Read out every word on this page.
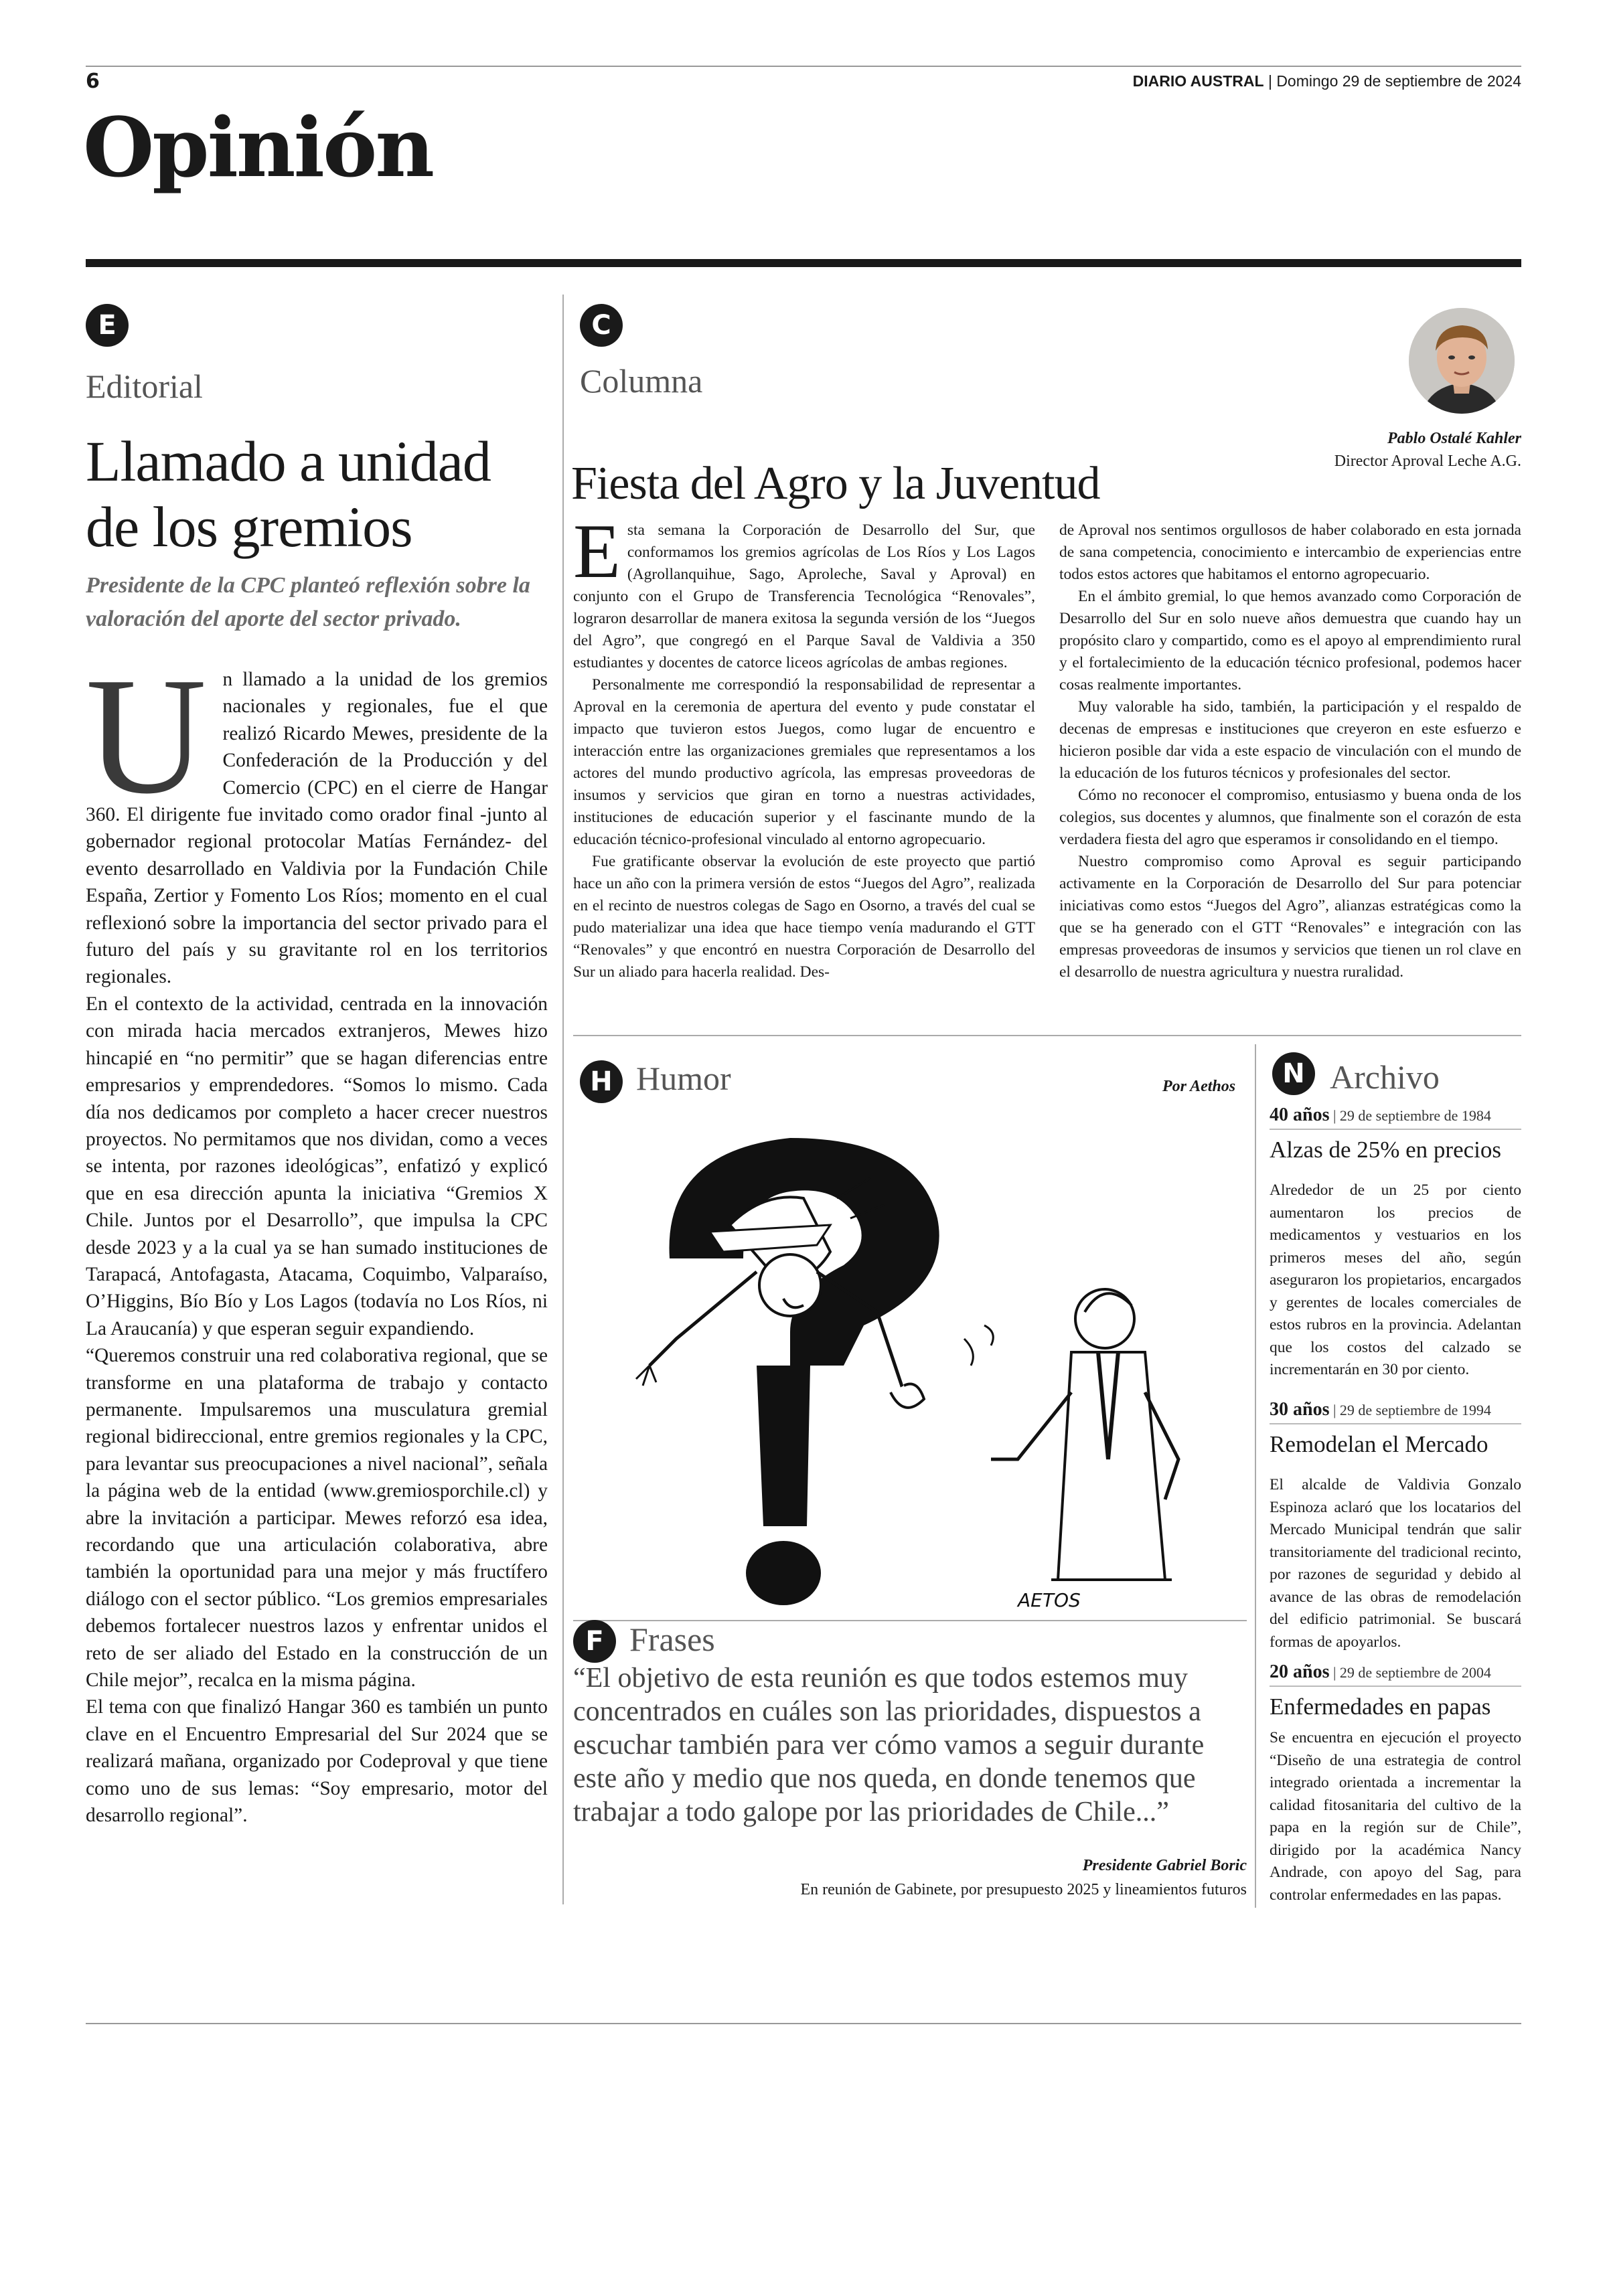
6	DIARIO AUSTRAL | Domingo 29 de septiembre de 2024
Opinión
E
Editorial
Llamado a unidad
de los gremios
Presidente de la CPC planteó reflexión sobre la valoración del aporte del sector privado.
U n llamado a la unidad de los gremios nacionales y regionales, fue el que realizó Ricardo Mewes, presidente de la Confederación de la Producción y del Comercio (CPC) en el cierre de Hangar 360. El dirigente fue invitado como orador final -junto al gobernador regional protocolar Matías Fernández- del evento desarrollado en Valdivia por la Fundación Chile España, Zertior y Fomento Los Ríos; momento en el cual reflexionó sobre la importancia del sector privado para el futuro del país y su gravitante rol en los territorios regionales.

En el contexto de la actividad, centrada en la innovación con mirada hacia mercados extranjeros, Mewes hizo hincapié en “no permitir” que se hagan diferencias entre empresarios y emprendedores. “Somos lo mismo. Cada día nos dedicamos por completo a hacer crecer nuestros proyectos. No permitamos que nos dividan, como a veces se intenta, por razones ideológicas”, enfatizó y explicó que en esa dirección apunta la iniciativa “Gremios X Chile. Juntos por el Desarrollo”, que impulsa la CPC desde 2023 y a la cual ya se han sumado instituciones de Tarapacá, Antofagasta, Atacama, Coquimbo, Valparaíso, O’Higgins, Bío Bío y Los Lagos (todavía no Los Ríos, ni La Araucanía) y que esperan seguir expandiendo.

“Queremos construir una red colaborativa regional, que se transforme en una plataforma de trabajo y contacto permanente. Impulsaremos una musculatura gremial regional bidireccional, entre gremios regionales y la CPC, para levantar sus preocupaciones a nivel nacional”, señala la página web de la entidad (www.gremiosporchile.cl) y abre la invitación a participar. Mewes reforzó esa idea, recordando que una articulación colaborativa, abre también la oportunidad para una mejor y más fructífero diálogo con el sector público. “Los gremios empresariales debemos fortalecer nuestros lazos y enfrentar unidos el reto de ser aliado del Estado en la construcción de un Chile mejor”, recalca en la misma página.

El tema con que finalizó Hangar 360 es también un punto clave en el Encuentro Empresarial del Sur 2024 que se realizará mañana, organizado por Codeproval y que tiene como uno de sus lemas: “Soy empresario, motor del desarrollo regional”.

C
Columna
Pablo Ostalé Kahler
Director Aproval Leche A.G.
Fiesta del Agro y la Juventud
E sta semana la Corporación de Desarrollo del Sur, que conformamos los gremios agrícolas de Los Ríos y Los Lagos (Agrollanquihue, Sago, Aproleche, Saval y Aproval) en conjunto con el Grupo de Transferencia Tecnológica “Renovales”, lograron desarrollar de manera exitosa la segunda versión de los “Juegos del Agro”, que congregó en el Parque Saval de Valdivia a 350 estudiantes y docentes de catorce liceos agrícolas de ambas regiones.

Personalmente me correspondió la responsabilidad de representar a Aproval en la ceremonia de apertura del evento y pude constatar el impacto que tuvieron estos Juegos, como lugar de encuentro e interacción entre las organizaciones gremiales que representamos a los actores del mundo productivo agrícola, las empresas proveedoras de insumos y servicios que giran en torno a nuestras actividades, instituciones de educación superior y el fascinante mundo de la educación técnico-profesional vinculado al entorno agropecuario.

Fue gratificante observar la evolución de este proyecto que partió hace un año con la primera versión de estos “Juegos del Agro”, realizada en el recinto de nuestros colegas de Sago en Osorno, a través del cual se pudo materializar una idea que hace tiempo venía madurando el GTT “Renovales” y que encontró en nuestra Corporación de Desarrollo del Sur un aliado para hacerla realidad. Des-

de Aproval nos sentimos orgullosos de haber colaborado en esta jornada de sana competencia, conocimiento e intercambio de experiencias entre todos estos actores que habitamos el entorno agropecuario.

En el ámbito gremial, lo que hemos avanzado como Corporación de Desarrollo del Sur en solo nueve años demuestra que cuando hay un propósito claro y compartido, como es el apoyo al emprendimiento rural y el fortalecimiento de la educación técnico profesional, podemos hacer cosas realmente importantes.

Muy valorable ha sido, también, la participación y el respaldo de decenas de empresas e instituciones que creyeron en este esfuerzo e hicieron posible dar vida a este espacio de vinculación con el mundo de la educación de los futuros técnicos y profesionales del sector.

Cómo no reconocer el compromiso, entusiasmo y buena onda de los colegios, sus docentes y alumnos, que finalmente son el corazón de esta verdadera fiesta del agro que esperamos ir consolidando en el tiempo.

Nuestro compromiso como Aproval es seguir participando activamente en la Corporación de Desarrollo del Sur para potenciar iniciativas como estos “Juegos del Agro”, alianzas estratégicas como la que se ha generado con el GTT “Renovales” e integración con las empresas proveedoras de insumos y servicios que tienen un rol clave en el desarrollo de nuestra agricultura y nuestra ruralidad.

H Humor	Por Aethos
AETOS
F Frases
“El objetivo de esta reunión es que todos estemos muy concentrados en cuáles son las prioridades, dispuestos a escuchar también para ver cómo vamos a seguir durante este año y medio que nos queda, en donde tenemos que trabajar a todo galope por las prioridades de Chile...”
Presidente Gabriel Boric
En reunión de Gabinete, por presupuesto 2025 y lineamientos futuros
N Archivo
40 años | 29 de septiembre de 1984
Alzas de 25% en precios
Alrededor de un 25 por ciento aumentaron los precios de medicamentos y vestuarios en los primeros meses del año, según aseguraron los propietarios, encargados y gerentes de locales comerciales de estos rubros en la provincia. Adelantan que los costos del calzado se incrementarán en 30 por ciento.
30 años | 29 de septiembre de 1994
Remodelan el Mercado
El alcalde de Valdivia Gonzalo Espinoza aclaró que los locatarios del Mercado Municipal tendrán que salir transitoriamente del tradicional recinto, por razones de seguridad y debido al avance de las obras de remodelación del edificio patrimonial. Se buscará formas de apoyarlos.
20 años | 29 de septiembre de 2004
Enfermedades en papas
Se encuentra en ejecución el proyecto “Diseño de una estrategia de control integrado orientada a incrementar la calidad fitosanitaria del cultivo de la papa en la región sur de Chile”, dirigido por la académica Nancy Andrade, con apoyo del Sag, para controlar enfermedades en las papas.
